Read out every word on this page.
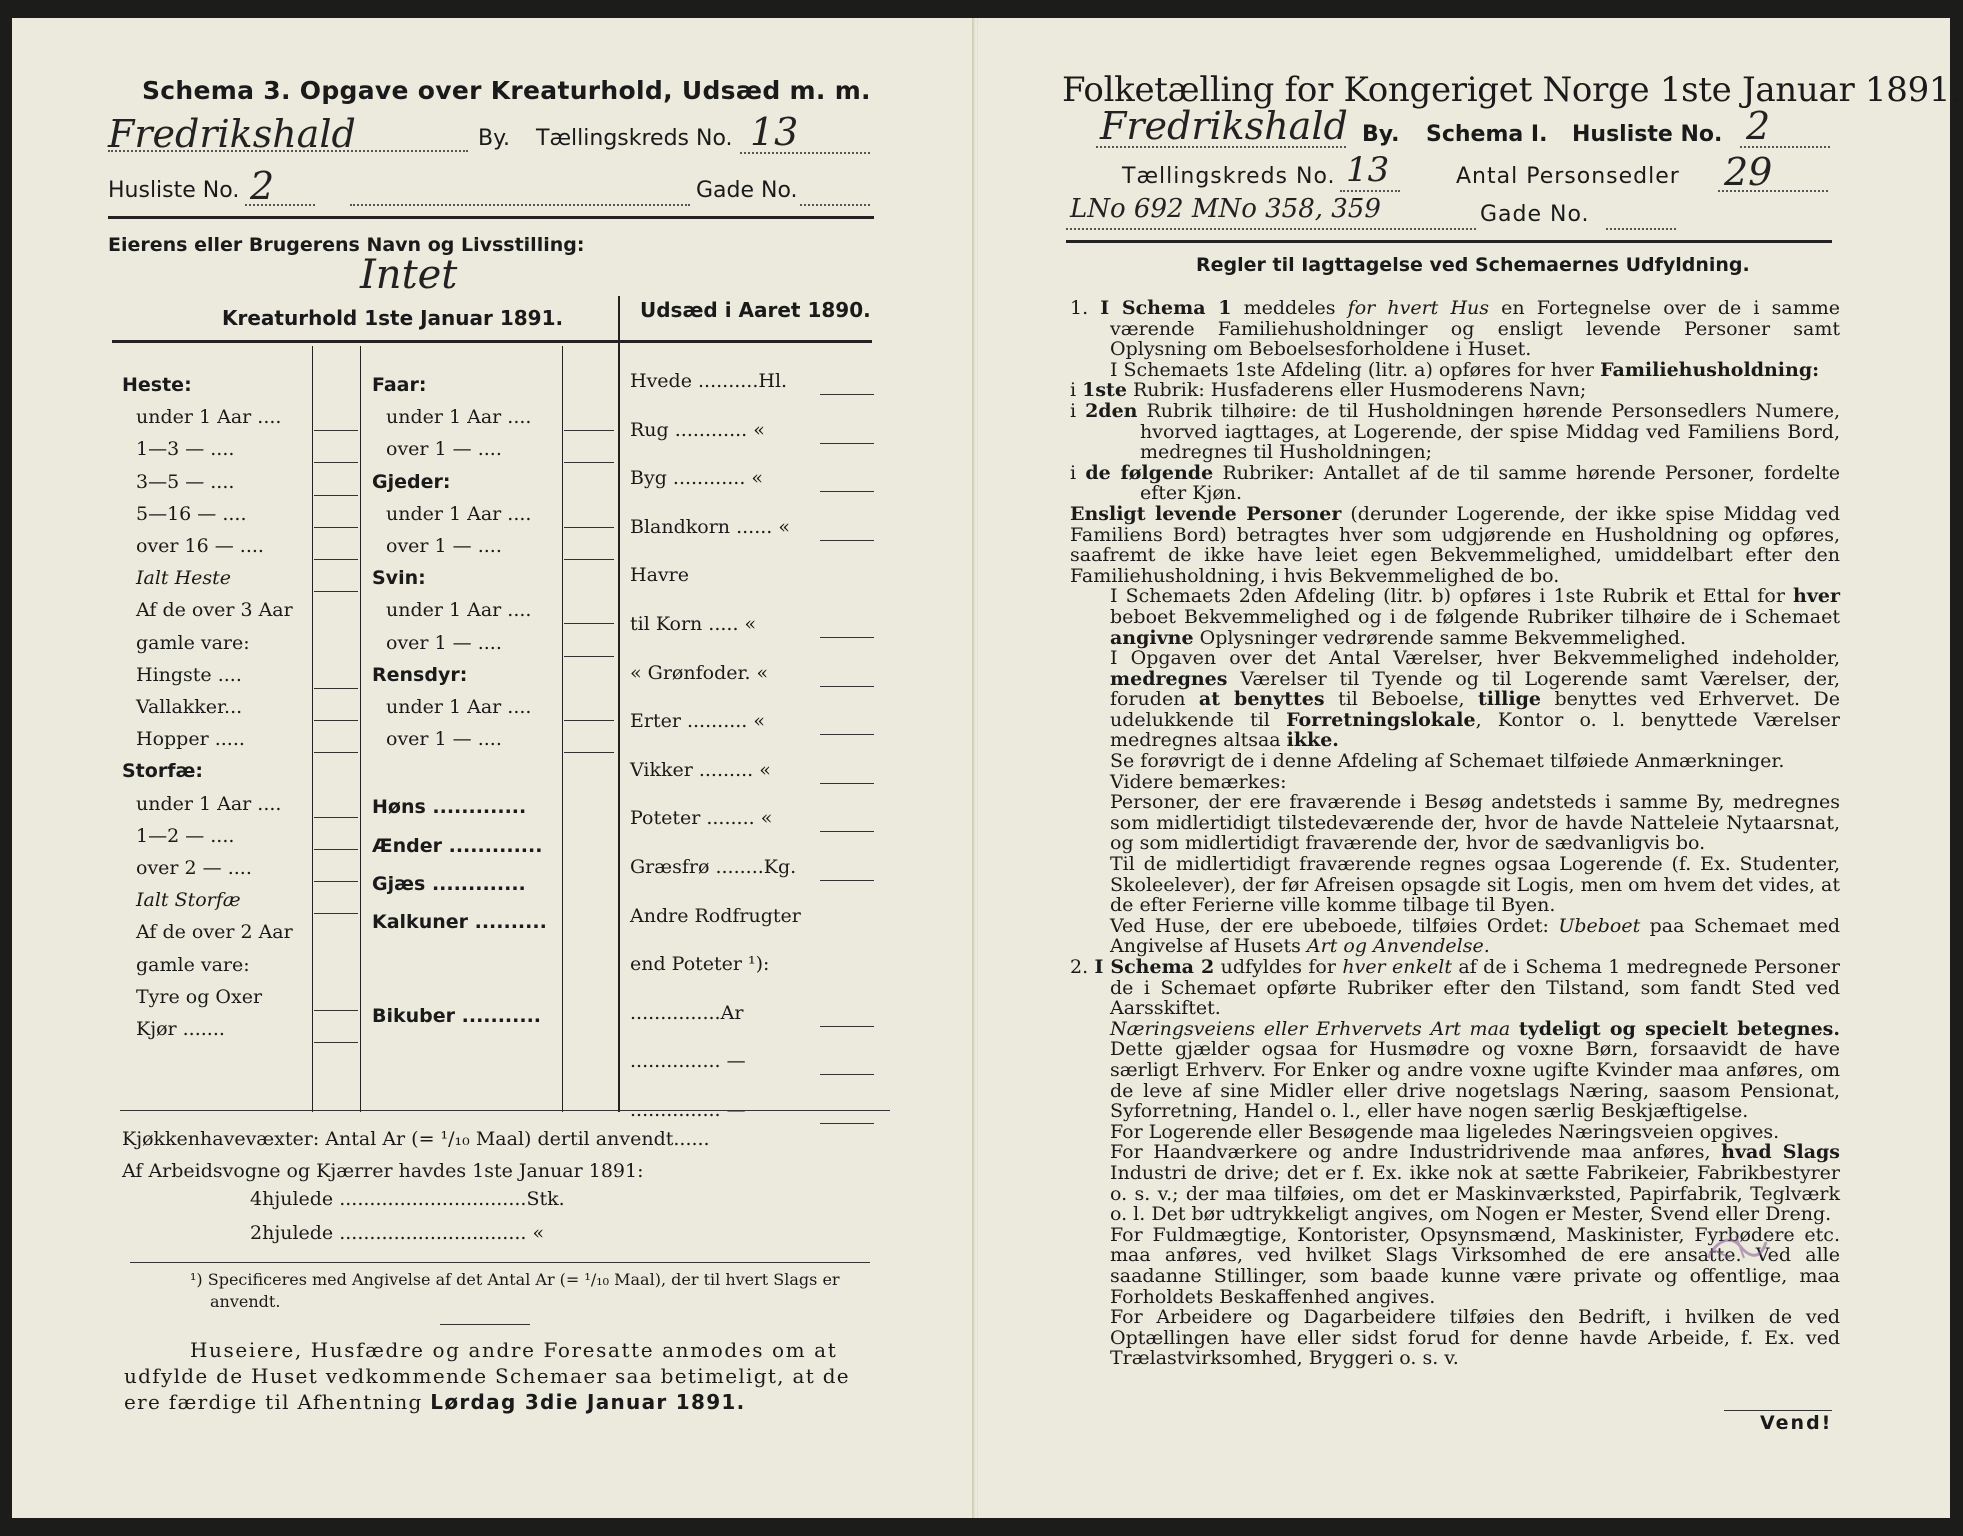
Schema 3. Opgave over Kreaturhold, Udsæd m. m.
Fredrikshald	By. Tællingskreds No. 13
Husliste No. 2	Gade No.
Eierens eller Brugerens Navn og Livsstilling:
Intet
Kreaturhold 1ste Januar 1891.	Udsæd i Aaret 1890.
Heste:
under 1 Aar ....
1—3 — ....
3—5 — ....
5—16 — ....
over 16 — ....
Ialt Heste
Af de over 3 Aar
gamle vare:
Hingste ....
Vallakker...
Hopper .....
Storfæ:
under 1 Aar ....
1—2 — ....
over 2 — ....
Ialt Storfæ
Af de over 2 Aar
gamle vare:
Tyre og Oxer
Kjør .......
Faar:
under 1 Aar ....
over 1 — ....
Gjeder:
under 1 Aar ....
over 1 — ....
Svin:
under 1 Aar ....
over 1 — ....
Rensdyr:
under 1 Aar ....
over 1 — ....
Høns .............
Ænder .............
Gjæs .............
Kalkuner ..........
Bikuber ...........
Hvede ..........Hl.
Rug ............ «
Byg ............ «
Blandkorn ...... «
Havre
til Korn ..... «
« Grønfoder. «
Erter .......... «
Vikker ......... «
Poteter ........ «
Græsfrø ........Kg.
Andre Rodfrugter
end Poteter ¹):
...............Ar
............... —
............... —
Kjøkkenhavevæxter: Antal Ar (= ¹/₁₀ Maal) dertil anvendt......
Af Arbeidsvogne og Kjærrer havdes 1ste Januar 1891:
4hjulede ...............................Stk.
2hjulede ............................... «
¹) Specificeres med Angivelse af det Antal Ar (= ¹/₁₀ Maal), der til hvert Slags er
anvendt.
Huseiere, Husfædre og andre Foresatte anmodes om at
udfylde de Huset vedkommende Schemaer saa betimeligt, at de
ere færdige til Afhentning Lørdag 3die Januar 1891.
Folketælling for Kongeriget Norge 1ste Januar 1891.
Fredrikshald By. Schema I. Husliste No. 2
Tællingskreds No. 13	Antal Personsedler 29
LNo 692 MNo 358, 359	Gade No.
Regler til Iagttagelse ved Schemaernes Udfyldning.

1. I Schema 1 meddeles for hvert Hus en Fortegnelse over de i samme værende Familiehusholdninger og ensligt levende Personer samt Oplysning om Beboelsesforholdene i Huset.

I Schemaets 1ste Afdeling (litr. a) opføres for hver Familiehusholdning:

i 1ste Rubrik: Husfaderens eller Husmoderens Navn;

i 2den Rubrik tilhøire: de til Husholdningen hørende Personsedlers Numere, hvorved iagttages, at Logerende, der spise Middag ved Familiens Bord, medregnes til Husholdningen;

i de følgende Rubriker: Antallet af de til samme hørende Personer, fordelte efter Kjøn.

Ensligt levende Personer (derunder Logerende, der ikke spise Middag ved Familiens Bord) betragtes hver som udgjørende en Husholdning og opføres, saafremt de ikke have leiet egen Bekvemmelighed, umiddelbart efter den Familiehusholdning, i hvis Bekvemmelighed de bo.

I Schemaets 2den Afdeling (litr. b) opføres i 1ste Rubrik et Ettal for hver beboet Bekvemmelighed og i de følgende Rubriker tilhøire de i Schemaet angivne Oplysninger vedrørende samme Bekvemmelighed.

I Opgaven over det Antal Værelser, hver Bekvemmelighed indeholder, medregnes Værelser til Tyende og til Logerende samt Værelser, der, foruden at benyttes til Beboelse, tillige benyttes ved Erhvervet. De udelukkende til Forretningslokale, Kontor o. l. benyttede Værelser medregnes altsaa ikke.

Se forøvrigt de i denne Afdeling af Schemaet tilføiede Anmærkninger.

Videre bemærkes:

Personer, der ere fraværende i Besøg andetsteds i samme By, medregnes som midlertidigt tilstedeværende der, hvor de havde Natteleie Nytaarsnat, og som midlertidigt fraværende der, hvor de sædvanligvis bo.

Til de midlertidigt fraværende regnes ogsaa Logerende (f. Ex. Studenter, Skoleelever), der før Afreisen opsagde sit Logis, men om hvem det vides, at de efter Ferierne ville komme tilbage til Byen.

Ved Huse, der ere ubeboede, tilføies Ordet: Ubeboet paa Schemaet med Angivelse af Husets Art og Anvendelse.

2. I Schema 2 udfyldes for hver enkelt af de i Schema 1 medregnede Personer de i Schemaet opførte Rubriker efter den Tilstand, som fandt Sted ved Aarsskiftet.

Næringsveiens eller Erhvervets Art maa tydeligt og specielt betegnes. Dette gjælder ogsaa for Husmødre og voxne Børn, forsaavidt de have særligt Erhverv. For Enker og andre voxne ugifte Kvinder maa anføres, om de leve af sine Midler eller drive nogetslags Næring, saasom Pensionat, Syforretning, Handel o. l., eller have nogen særlig Beskjæftigelse.

For Logerende eller Besøgende maa ligeledes Næringsveien opgives.

For Haandværkere og andre Industridrivende maa anføres, hvad Slags Industri de drive; det er f. Ex. ikke nok at sætte Fabrikeier, Fabrikbestyrer o. s. v.; der maa tilføies, om det er Maskinværksted, Papirfabrik, Teglværk o. l. Det bør udtrykkeligt angives, om Nogen er Mester, Svend eller Dreng.

For Fuldmægtige, Kontorister, Opsynsmænd, Maskinister, Fyrbødere etc. maa anføres, ved hvilket Slags Virksomhed de ere ansatte. Ved alle saadanne Stillinger, som baade kunne være private og offentlige, maa Forholdets Beskaffenhed angives.

For Arbeidere og Dagarbeidere tilføies den Bedrift, i hvilken de ved Optællingen have eller sidst forud for denne havde Arbeide, f. Ex. ved Trælastvirksomhed, Bryggeri o. s. v.

Vend!
